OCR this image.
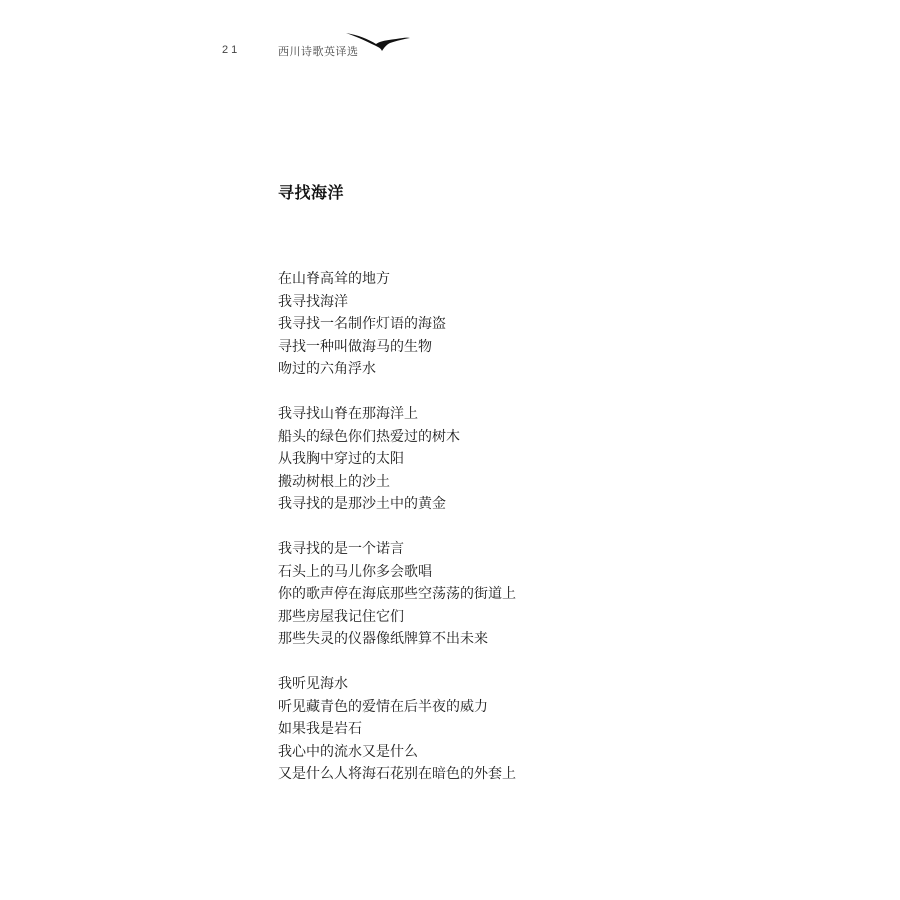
21	西川诗歌英译选
寻找海洋
在山脊高耸的地方
我寻找海洋
我寻找一名制作灯语的海盗
寻找一种叫做海马的生物
吻过的六角浮水
我寻找山脊在那海洋上
船头的绿色你们热爱过的树木
从我胸中穿过的太阳
搬动树根上的沙土
我寻找的是那沙土中的黄金
我寻找的是一个诺言
石头上的马儿你多会歌唱
你的歌声停在海底那些空荡荡的街道上
那些房屋我记住它们
那些失灵的仪器像纸牌算不出未来
我听见海水
听见藏青色的爱情在后半夜的威力
如果我是岩石
我心中的流水又是什么
又是什么人将海石花别在暗色的外套上
